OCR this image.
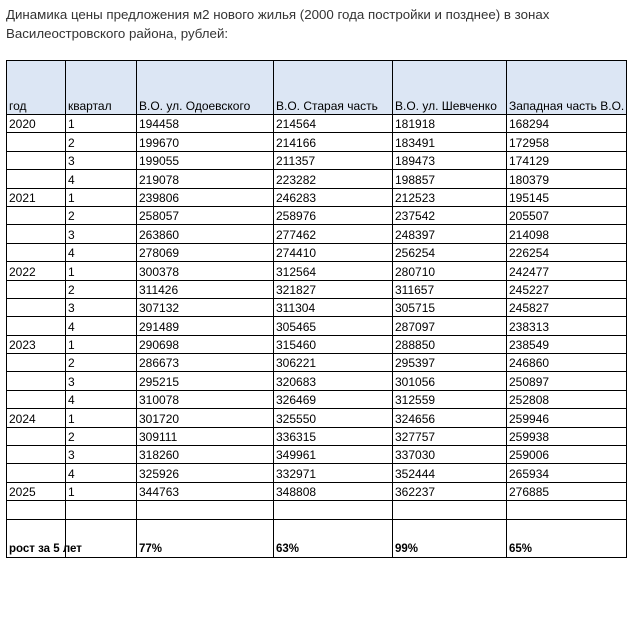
Динамика цены предложения м2 нового жилья (2000 года постройки и позднее) в зонах Василеостровского района, рублей:
год	квартал	В.О. ул. Одоевского	В.О. Старая часть	В.О. ул. Шевченко	Западная часть В.О.
2020	1	194458	214564	181918	168294
	2	199670	214166	183491	172958
	3	199055	211357	189473	174129
	4	219078	223282	198857	180379
2021	1	239806	246283	212523	195145
	2	258057	258976	237542	205507
	3	263860	277462	248397	214098
	4	278069	274410	256254	226254
2022	1	300378	312564	280710	242477
	2	311426	321827	311657	245227
	3	307132	311304	305715	245827
	4	291489	305465	287097	238313
2023	1	290698	315460	288850	238549
	2	286673	306221	295397	246860
	3	295215	320683	301056	250897
	4	310078	326469	312559	252808
2024	1	301720	325550	324656	259946
	2	309111	336315	327757	259938
	3	318260	349961	337030	259006
	4	325926	332971	352444	265934
2025	1	344763	348808	362237	276885

рост за 5 лет		77%	63%	99%	65%
